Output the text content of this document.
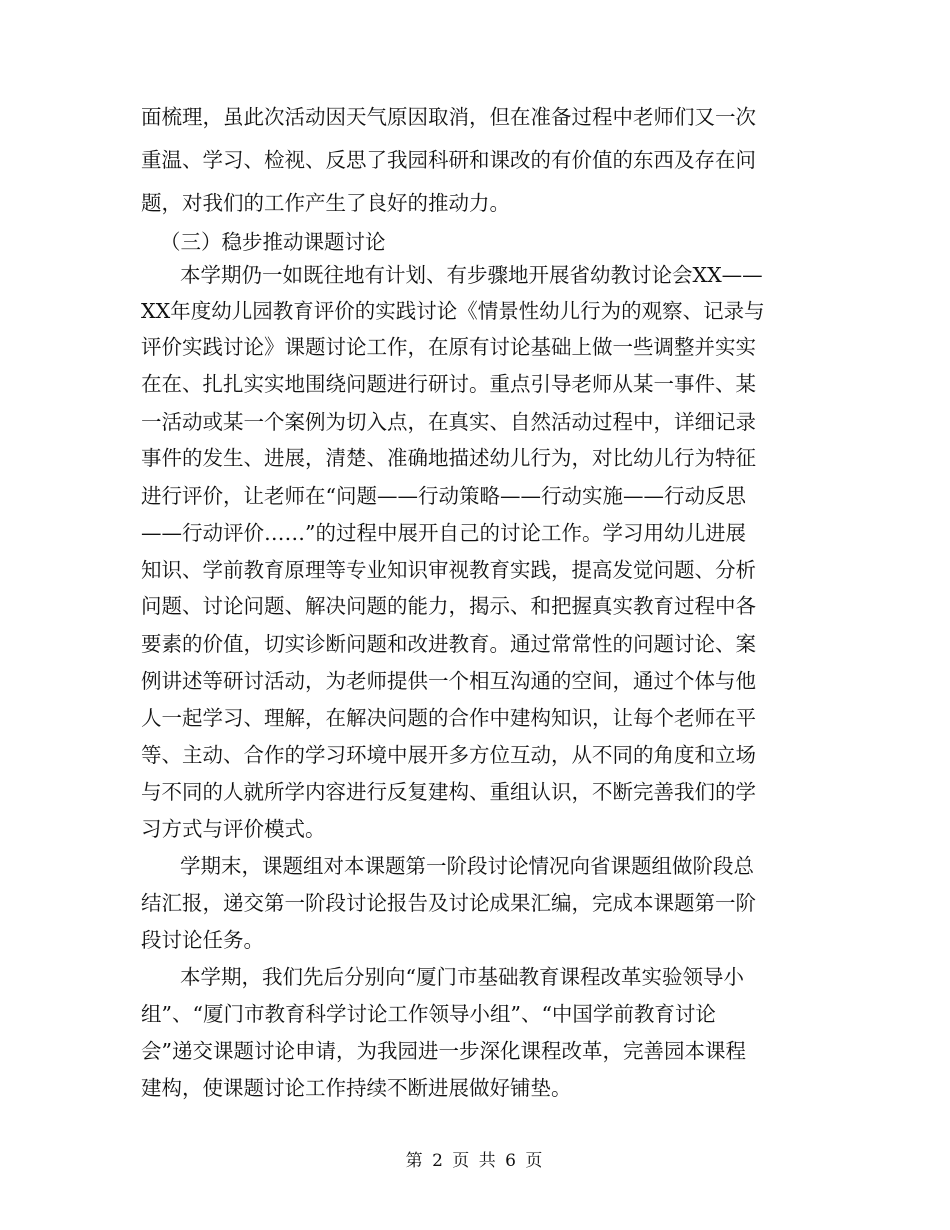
面梳理，虽此次活动因天气原因取消，但在准备过程中老师们又一次
重温、学习、检视、反思了我园科研和课改的有价值的东西及存在问
题，对我们的工作产生了良好的推动力。
（三）稳步推动课题讨论
本学期仍一如既往地有计划、有步骤地开展省幼教讨论会XX——
XX年度幼儿园教育评价的实践讨论《情景性幼儿行为的观察、记录与
评价实践讨论》课题讨论工作，在原有讨论基础上做一些调整并实实
在在、扎扎实实地围绕问题进行研讨。重点引导老师从某一事件、某
一活动或某一个案例为切入点，在真实、自然活动过程中，详细记录
事件的发生、进展，清楚、准确地描述幼儿行为，对比幼儿行为特征
进行评价，让老师在“问题——行动策略——行动实施——行动反思
——行动评价……”的过程中展开自己的讨论工作。学习用幼儿进展
知识、学前教育原理等专业知识审视教育实践，提高发觉问题、分析
问题、讨论问题、解决问题的能力，揭示、和把握真实教育过程中各
要素的价值，切实诊断问题和改进教育。通过常常性的问题讨论、案
例讲述等研讨活动，为老师提供一个相互沟通的空间，通过个体与他
人一起学习、理解，在解决问题的合作中建构知识，让每个老师在平
等、主动、合作的学习环境中展开多方位互动，从不同的角度和立场
与不同的人就所学内容进行反复建构、重组认识，不断完善我们的学
习方式与评价模式。
学期末，课题组对本课题第一阶段讨论情况向省课题组做阶段总
结汇报，递交第一阶段讨论报告及讨论成果汇编，完成本课题第一阶
段讨论任务。
本学期，我们先后分别向“厦门市基础教育课程改革实验领导小
组”、“厦门市教育科学讨论工作领导小组”、“中国学前教育讨论
会”递交课题讨论申请，为我园进一步深化课程改革，完善园本课程
建构，使课题讨论工作持续不断进展做好铺垫。
第 2 页 共 6 页
